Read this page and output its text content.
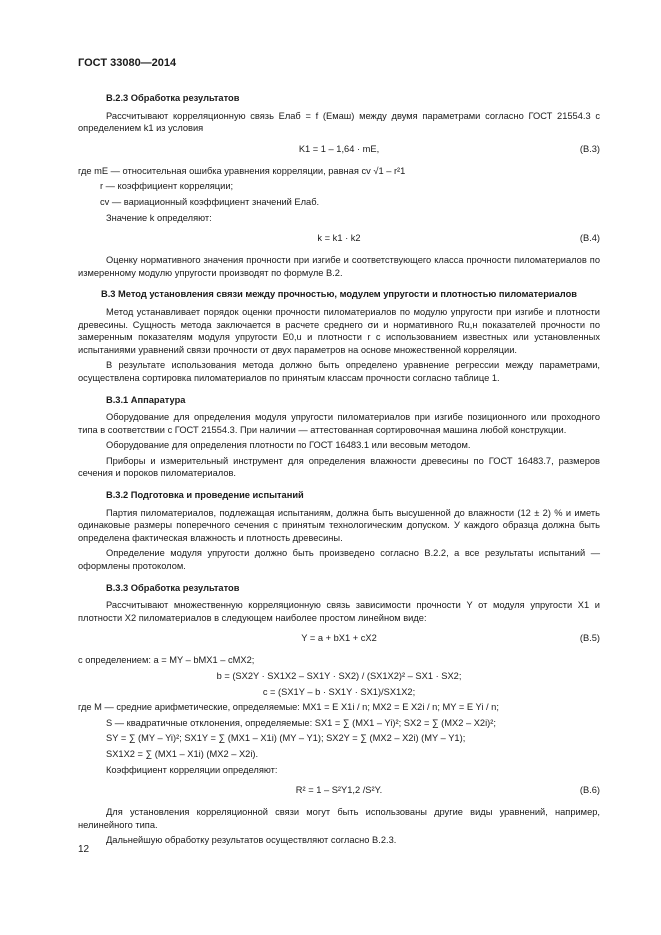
ГОСТ 33080—2014
В.2.3 Обработка результатов

Рассчитывают корреляционную связь Eлаб = f (Eмаш) между двумя параметрами согласно ГОСТ 21554.3 с определением k1 из условия

K1 = 1 – 1,64 · mE,	(В.3)

где mE — относительная ошибка уравнения корреляции, равная cv √1 – r²1

r — коэффициент корреляции;

cv — вариационный коэффициент значений Eлаб.

Значение k определяют:

k = k1 · k2	(В.4)

Оценку нормативного значения прочности при изгибе и соответствующего класса прочности пиломатериалов по измеренному модулю упругости производят по формуле В.2.

В.3 Метод установления связи между прочностью, модулем упругости и плотностью пиломатериалов

Метод устанавливает порядок оценки прочности пиломатериалов по модулю упругости при изгибе и плотности древесины. Сущность метода заключается в расчете среднего σи и нормативного Ru,н показателей прочности по замеренным показателям модуля упругости E0,u и плотности r с использованием известных или установленных испытаниями уравнений связи прочности от двух параметров на основе множественной корреляции.

В результате использования метода должно быть определено уравнение регрессии между параметрами, осуществлена сортировка пиломатериалов по принятым классам прочности согласно таблице 1.

В.3.1 Аппаратура

Оборудование для определения модуля упругости пиломатериалов при изгибе позиционного или проходного типа в соответствии с ГОСТ 21554.3. При наличии — аттестованная сортировочная машина любой конструкции.

Оборудование для определения плотности по ГОСТ 16483.1 или весовым методом.

Приборы и измерительный инструмент для определения влажности древесины по ГОСТ 16483.7, размеров сечения и пороков пиломатериалов.

В.3.2 Подготовка и проведение испытаний

Партия пиломатериалов, подлежащая испытаниям, должна быть высушенной до влажности (12 ± 2) % и иметь одинаковые размеры поперечного сечения с принятым технологическим допуском. У каждого образца должна быть определена фактическая влажность и плотность древесины.

Определение модуля упругости должно быть произведено согласно В.2.2, а все результаты испытаний — оформлены протоколом.

В.3.3 Обработка результатов

Рассчитывают множественную корреляционную связь зависимости прочности Y от модуля упругости X1 и плотности X2 пиломатериалов в следующем наиболее простом линейном виде:

Y = a + bX1 + cX2	(В.5)

с определением: a = MY – bMX1 – cMX2;

b = (SX2Y · SX1X2 – SX1Y · SX2) / (SX1X2)² – SX1 · SX2;
c = (SX1Y – b · SX1Y · SX1)/SX1X2;

где M — средние арифметические, определяемые: MX1 = E X1i / n; MX2 = E X2i / n; MY = E Yi / n;

S — квадратичные отклонения, определяемые: SX1 = ∑ (MX1 – Yi)²; SX2 = ∑ (MX2 – X2i)²;

SY = ∑ (MY – Yi)²; SX1Y = ∑ (MX1 – X1i) (MY – Y1); SX2Y = ∑ (MX2 – X2i) (MY – Y1);

SX1X2 = ∑ (MX1 – X1i) (MX2 – X2i).

Коэффициент корреляции определяют:

R² = 1 – S²Y1,2 /S²Y.	(В.6)

Для установления корреляционной связи могут быть использованы другие виды уравнений, например, нелинейного типа.

Дальнейшую обработку результатов осуществляют согласно В.2.3.

12
